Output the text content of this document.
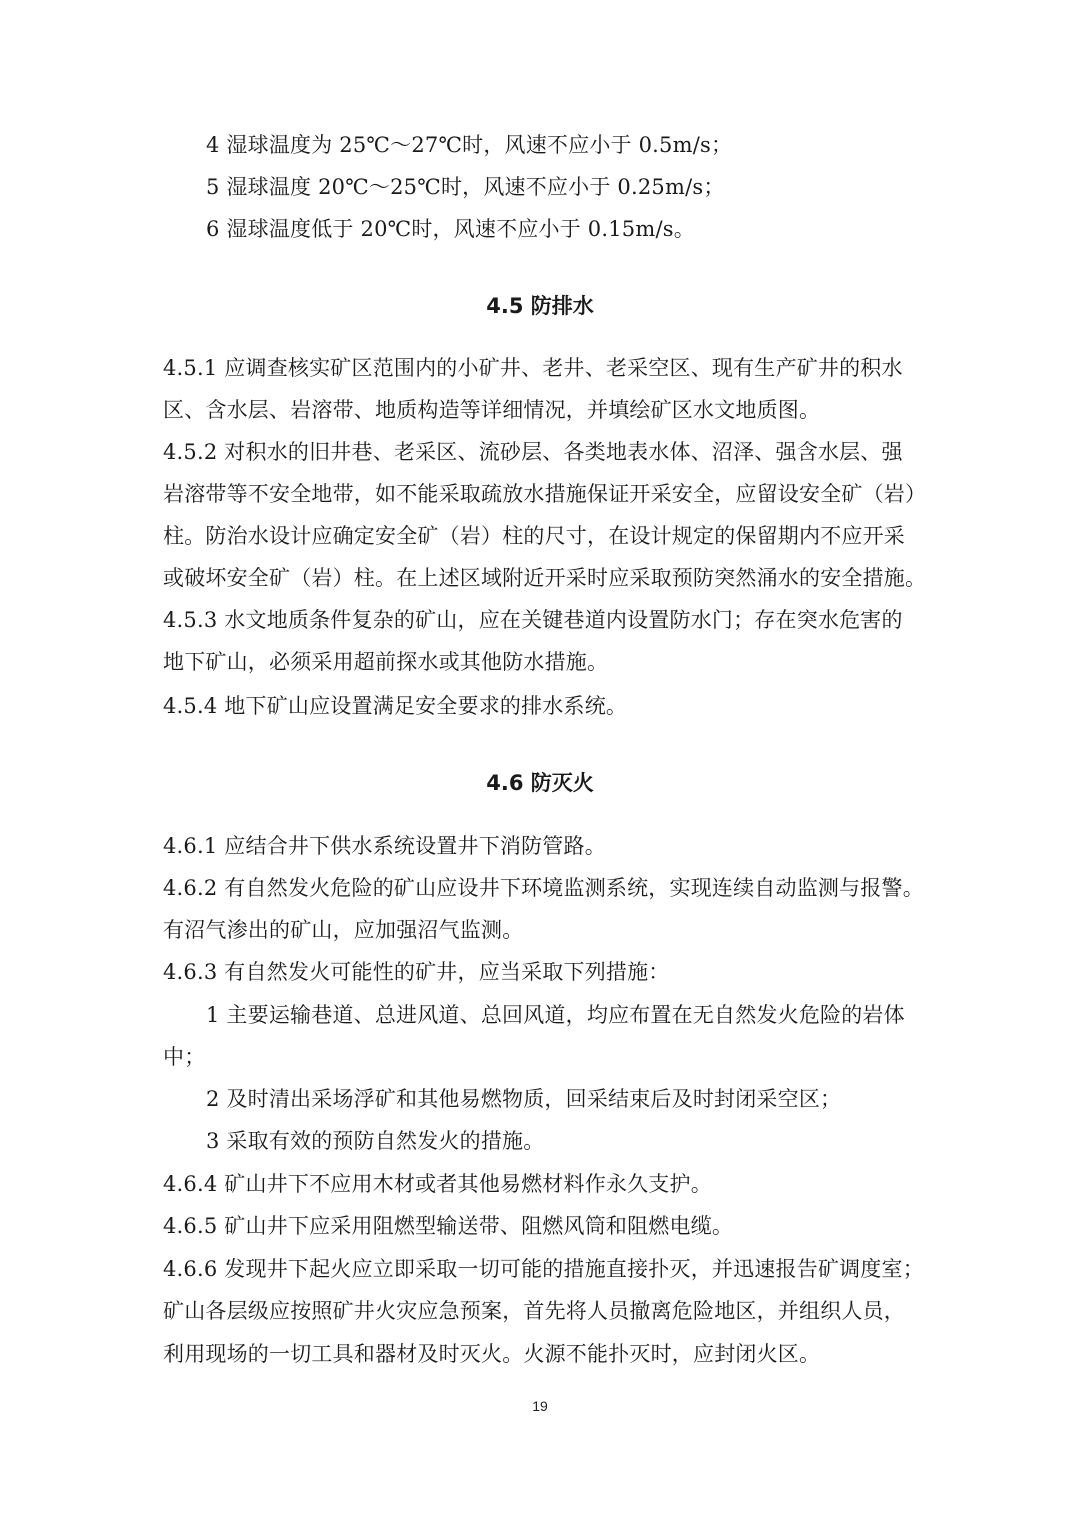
4 湿球温度为 25℃～27℃时，风速不应小于 0.5m/s；
5 湿球温度 20℃～25℃时，风速不应小于 0.25m/s；
6 湿球温度低于 20℃时，风速不应小于 0.15m/s。
4.5 防排水
4.5.1 应调查核实矿区范围内的小矿井、老井、老采空区、现有生产矿井的积水
区、含水层、岩溶带、地质构造等详细情况，并填绘矿区水文地质图。
4.5.2 对积水的旧井巷、老采区、流砂层、各类地表水体、沼泽、强含水层、强
岩溶带等不安全地带，如不能采取疏放水措施保证开采安全，应留设安全矿（岩）
柱。防治水设计应确定安全矿（岩）柱的尺寸，在设计规定的保留期内不应开采
或破坏安全矿（岩）柱。在上述区域附近开采时应采取预防突然涌水的安全措施。
4.5.3 水文地质条件复杂的矿山，应在关键巷道内设置防水门；存在突水危害的
地下矿山，必须采用超前探水或其他防水措施。
4.5.4 地下矿山应设置满足安全要求的排水系统。
4.6 防灭火
4.6.1 应结合井下供水系统设置井下消防管路。
4.6.2 有自然发火危险的矿山应设井下环境监测系统，实现连续自动监测与报警。
有沼气渗出的矿山，应加强沼气监测。
4.6.3 有自然发火可能性的矿井，应当采取下列措施：
1 主要运输巷道、总进风道、总回风道，均应布置在无自然发火危险的岩体
中；
2 及时清出采场浮矿和其他易燃物质，回采结束后及时封闭采空区；
3 采取有效的预防自然发火的措施。
4.6.4 矿山井下不应用木材或者其他易燃材料作永久支护。
4.6.5 矿山井下应采用阻燃型输送带、阻燃风筒和阻燃电缆。
4.6.6 发现井下起火应立即采取一切可能的措施直接扑灭，并迅速报告矿调度室；
矿山各层级应按照矿井火灾应急预案，首先将人员撤离危险地区，并组织人员，
利用现场的一切工具和器材及时灭火。火源不能扑灭时，应封闭火区。
19
